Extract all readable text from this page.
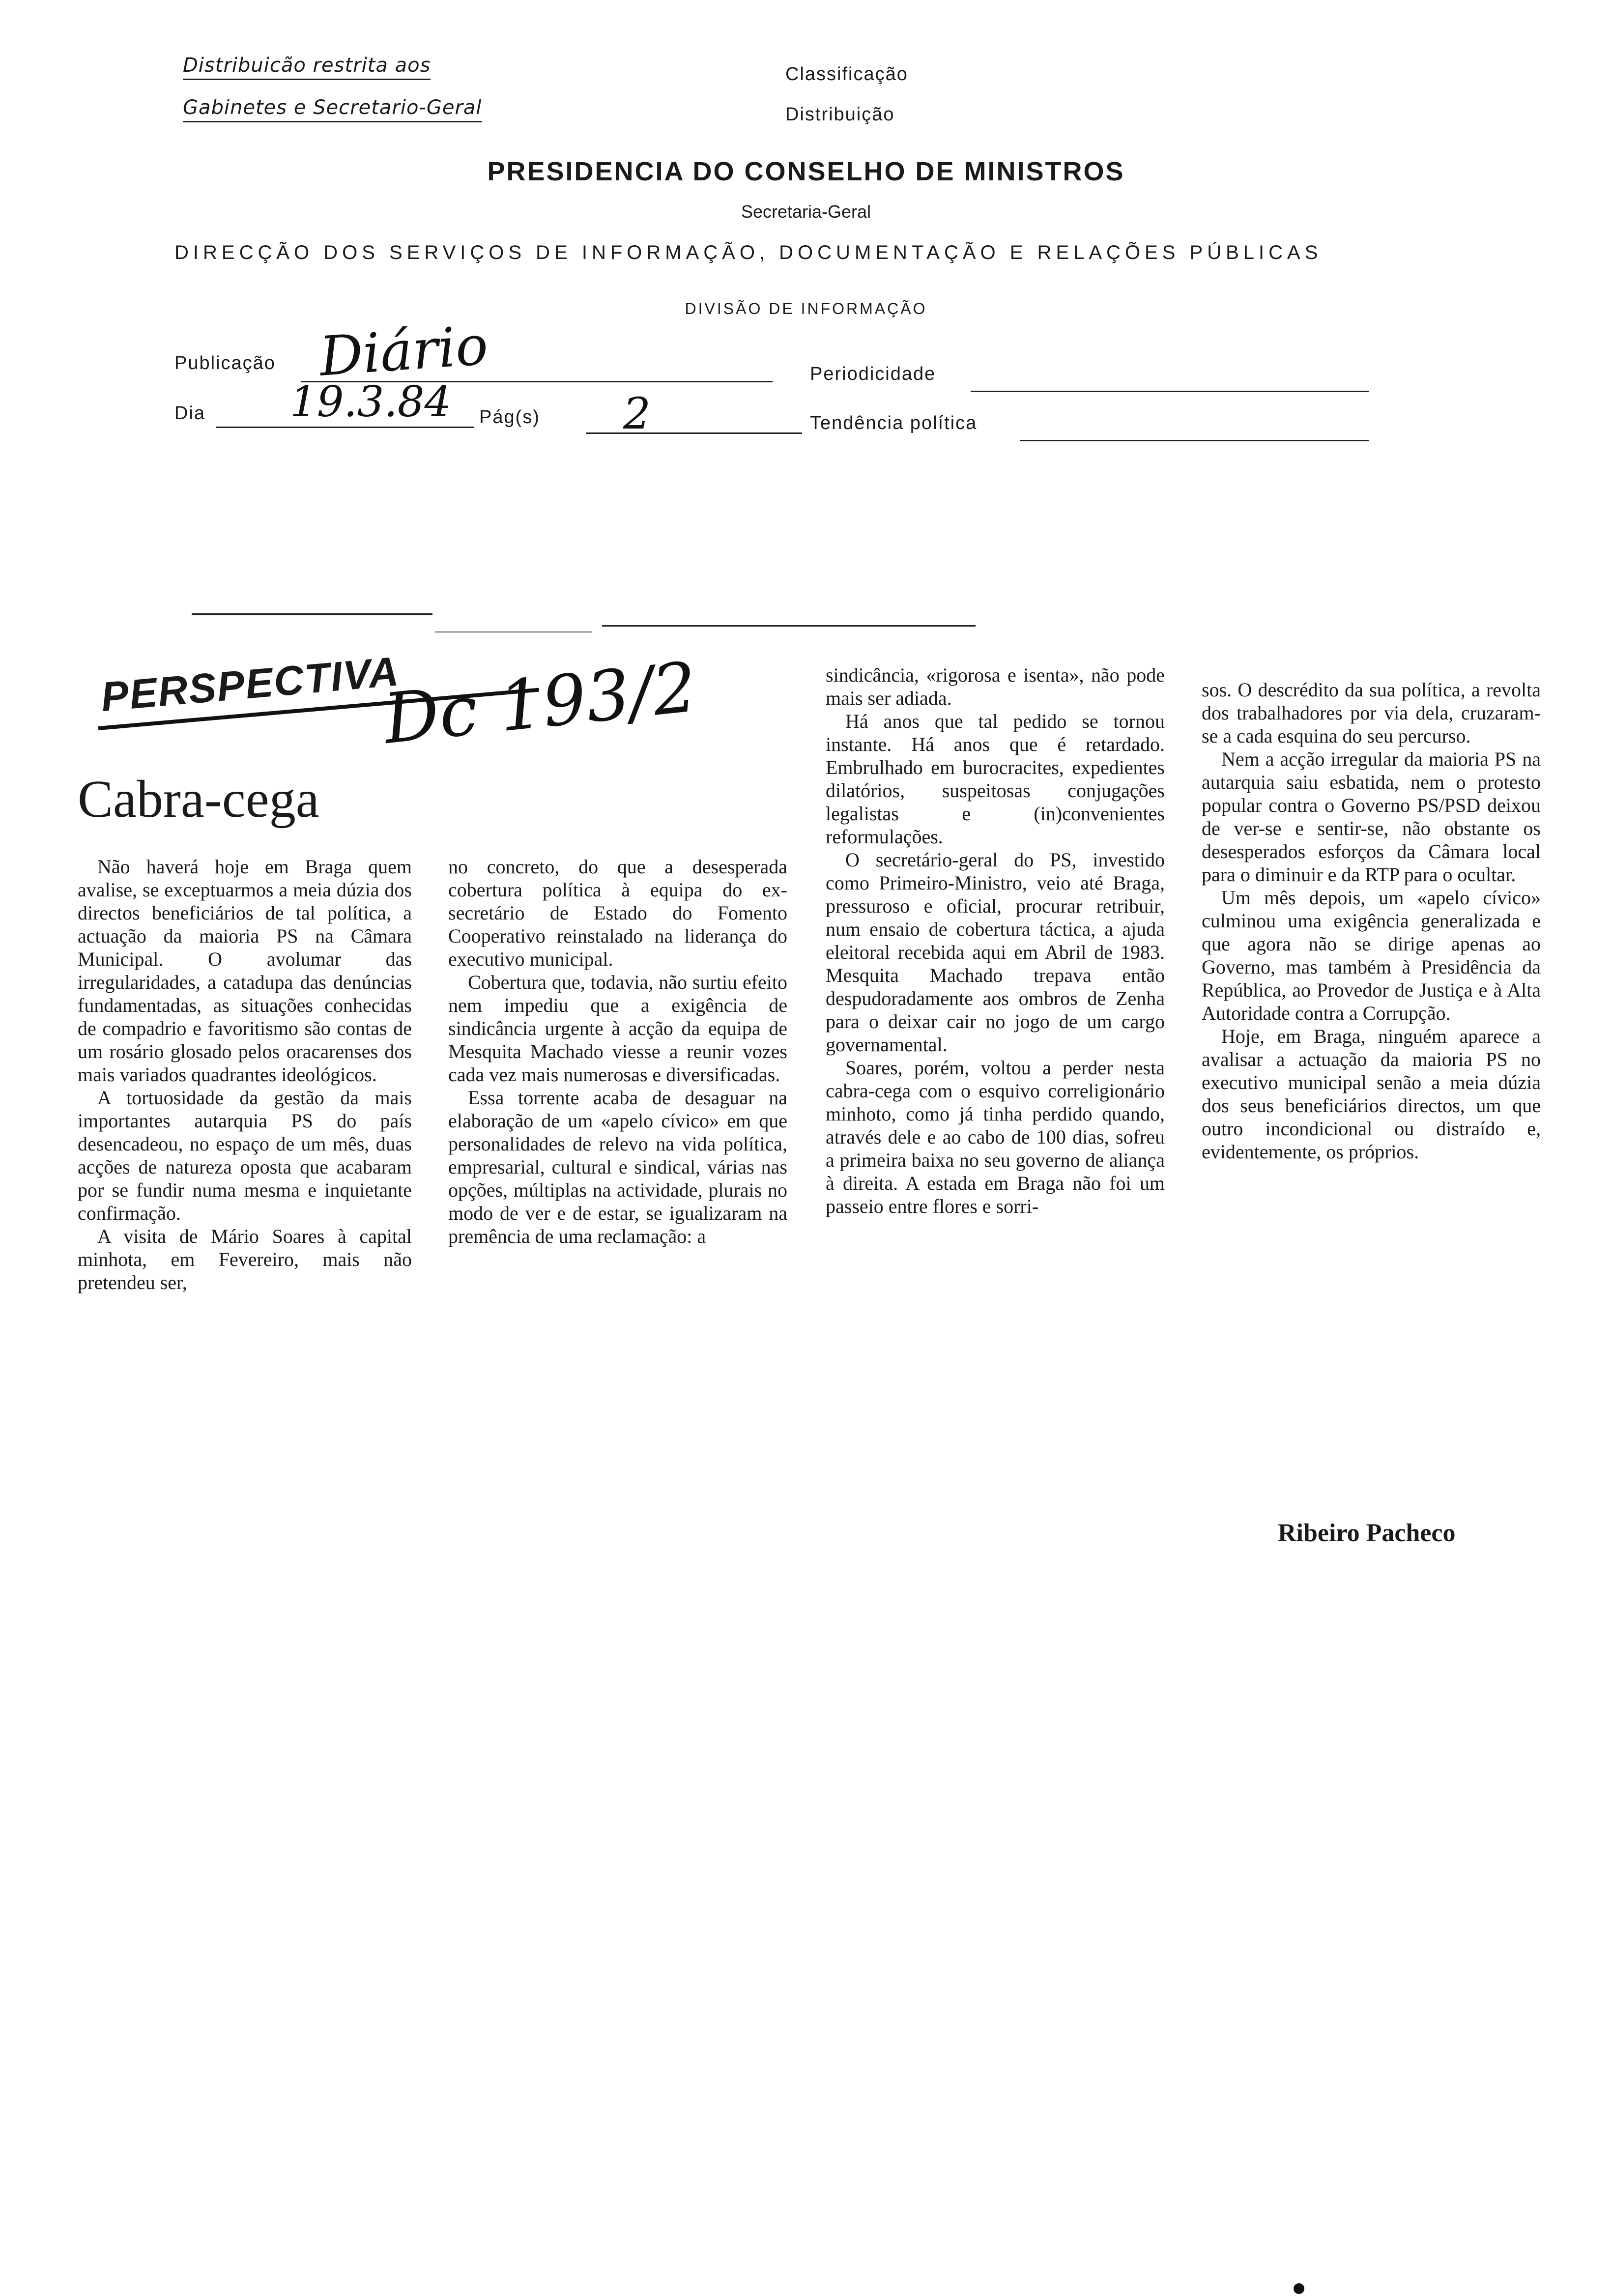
Distribuicão restrita aos
Gabinetes e Secretario-Geral
Classificação
Distribuição
PRESIDENCIA DO CONSELHO DE MINISTROS
Secretaria-Geral
DIRECÇÃO DOS SERVIÇOS DE INFORMAÇÃO, DOCUMENTAÇÃO E RELAÇÕES PÚBLICAS
DIVISÃO DE INFORMAÇÃO
Publicação Diário	Periodicidade
Dia 19.3.84 Pág(s) 2	Tendência política
PERSPECTIVA
Dc 193/2
Cabra-cega

Não haverá hoje em Braga quem avalise, se exceptuarmos a meia dúzia dos directos beneficiários de tal política, a actuação da maioria PS na Câmara Municipal. O avolumar das irregularidades, a catadupa das denúncias fundamentadas, as situações conhecidas de compadrio e favoritismo são contas de um rosário glosado pelos oracarenses dos mais variados quadrantes ideológicos.

A tortuosidade da gestão da mais importantes autarquia PS do país desencadeou, no espaço de um mês, duas acções de natureza oposta que acabaram por se fundir numa mesma e inquietante confirmação.

A visita de Mário Soares à capital minhota, em Fevereiro, mais não pretendeu ser,

no concreto, do que a desesperada cobertura política à equipa do ex-secretário de Estado do Fomento Cooperativo reinstalado na liderança do executivo municipal.

Cobertura que, todavia, não surtiu efeito nem impediu que a exigência de sindicância urgente à acção da equipa de Mesquita Machado viesse a reunir vozes cada vez mais numerosas e diversificadas.

Essa torrente acaba de desaguar na elaboração de um «apelo cívico» em que personalidades de relevo na vida política, empresarial, cultural e sindical, várias nas opções, múltiplas na actividade, plurais no modo de ver e de estar, se igualizaram na premência de uma reclamação: a

sindicância, «rigorosa e isenta», não pode mais ser adiada.

Há anos que tal pedido se tornou instante. Há anos que é retardado. Embrulhado em burocracites, expedientes dilatórios, suspeitosas conjugações legalistas e (in)convenientes reformulações.

O secretário-geral do PS, investido como Primeiro-Ministro, veio até Braga, pressuroso e oficial, procurar retribuir, num ensaio de cobertura táctica, a ajuda eleitoral recebida aqui em Abril de 1983. Mesquita Machado trepava então despudoradamente aos ombros de Zenha para o deixar cair no jogo de um cargo governamental.

Soares, porém, voltou a perder nesta cabra-cega com o esquivo correligionário minhoto, como já tinha perdido quando, através dele e ao cabo de 100 dias, sofreu a primeira baixa no seu governo de aliança à direita. A estada em Braga não foi um passeio entre flores e sorri-

sos. O descrédito da sua política, a revolta dos trabalhadores por via dela, cruzaram-se a cada esquina do seu percurso.

Nem a acção irregular da maioria PS na autarquia saiu esbatida, nem o protesto popular contra o Governo PS/PSD deixou de ver-se e sentir-se, não obstante os desesperados esforços da Câmara local para o diminuir e da RTP para o ocultar.

Um mês depois, um «apelo cívico» culminou uma exigência generalizada e que agora não se dirige apenas ao Governo, mas também à Presidência da República, ao Provedor de Justiça e à Alta Autoridade contra a Corrupção.

Hoje, em Braga, ninguém aparece a avalisar a actuação da maioria PS no executivo municipal senão a meia dúzia dos seus beneficiários directos, um que outro incondicional ou distraído e, evidentemente, os próprios.

Ribeiro Pacheco
